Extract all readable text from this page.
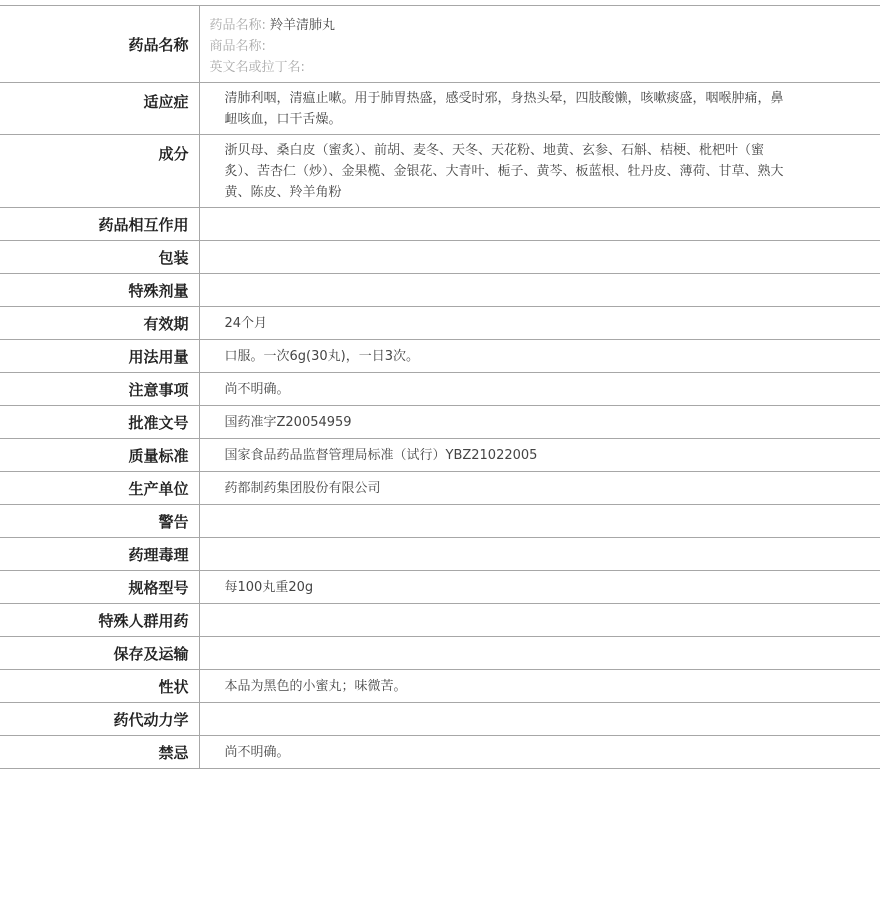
药品名称	药品名称: 羚羊清肺丸
商品名称:
英文名或拉丁名:

适应症	清肺利咽，清瘟止嗽。用于肺胃热盛，感受时邪，身热头晕，四肢酸懒，咳嗽痰盛，咽喉肿痛，鼻衄咳血，口干舌燥。
成分	浙贝母、桑白皮（蜜炙）、前胡、麦冬、天冬、天花粉、地黄、玄参、石斛、桔梗、枇杷叶（蜜炙）、苦杏仁（炒）、金果榄、金银花、大青叶、栀子、黄芩、板蓝根、牡丹皮、薄荷、甘草、熟大黄、陈皮、羚羊角粉
药品相互作用	
包装	
特殊剂量	
有效期	24个月
用法用量	口服。一次6g(30丸)，一日3次。
注意事项	尚不明确。
批准文号	国药准字Z20054959
质量标准	国家食品药品监督管理局标准（试行）YBZ21022005
生产单位	药都制药集团股份有限公司
警告	
药理毒理	
规格型号	每100丸重20g
特殊人群用药	
保存及运输	
性状	本品为黑色的小蜜丸；味微苦。
药代动力学	
禁忌	尚不明确。
